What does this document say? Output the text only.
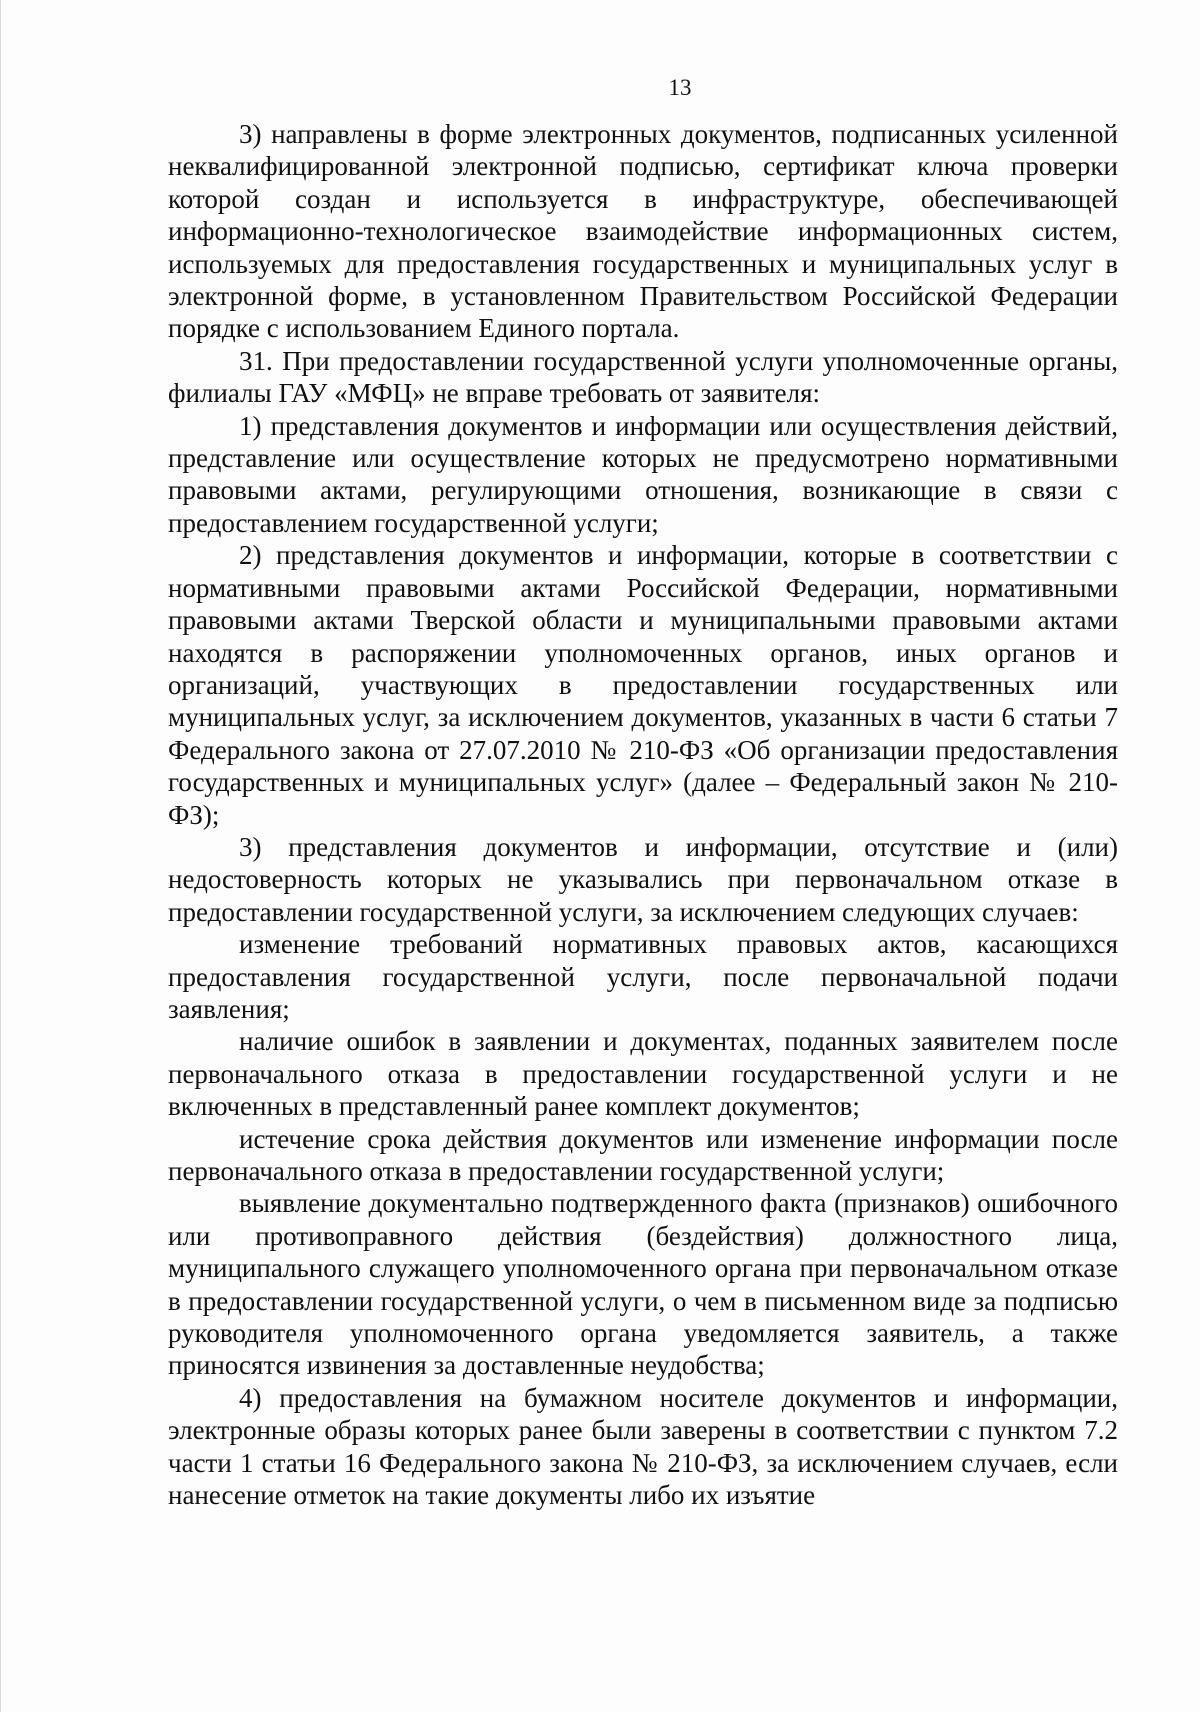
13

3) направлены в форме электронных документов, подписанных усиленной неквалифицированной электронной подписью, сертификат ключа проверки которой создан и используется в инфраструктуре, обеспечивающей информационно-технологическое взаимодействие информационных систем, используемых для предоставления государственных и муниципальных услуг в электронной форме, в установленном Правительством Российской Федерации порядке с использованием Единого портала.

31. При предоставлении государственной услуги уполномоченные органы, филиалы ГАУ «МФЦ» не вправе требовать от заявителя:

1) представления документов и информации или осуществления действий, представление или осуществление которых не предусмотрено нормативными правовыми актами, регулирующими отношения, возникающие в связи с предоставлением государственной услуги;

2) представления документов и информации, которые в соответствии с нормативными правовыми актами Российской Федерации, нормативными правовыми актами Тверской области и муниципальными правовыми актами находятся в распоряжении уполномоченных органов, иных органов и организаций, участвующих в предоставлении государственных или муниципальных услуг, за исключением документов, указанных в части 6 статьи 7 Федерального закона от 27.07.2010 № 210-ФЗ «Об организации предоставления государственных и муниципальных услуг» (далее – Федеральный закон № 210-ФЗ);

3) представления документов и информации, отсутствие и (или) недостоверность которых не указывались при первоначальном отказе в предоставлении государственной услуги, за исключением следующих случаев:

изменение требований нормативных правовых актов, касающихся предоставления государственной услуги, после первоначальной подачи заявления;

наличие ошибок в заявлении и документах, поданных заявителем после первоначального отказа в предоставлении государственной услуги и не включенных в представленный ранее комплект документов;

истечение срока действия документов или изменение информации после первоначального отказа в предоставлении государственной услуги;

выявление документально подтвержденного факта (признаков) ошибочного или противоправного действия (бездействия) должностного лица, муниципального служащего уполномоченного органа при первоначальном отказе в предоставлении государственной услуги, о чем в письменном виде за подписью руководителя уполномоченного органа уведомляется заявитель, а также приносятся извинения за доставленные неудобства;

4) предоставления на бумажном носителе документов и информации, электронные образы которых ранее были заверены в соответствии с пунктом 7.2 части 1 статьи 16 Федерального закона № 210-ФЗ, за исключением случаев, если нанесение отметок на такие документы либо их изъятие
